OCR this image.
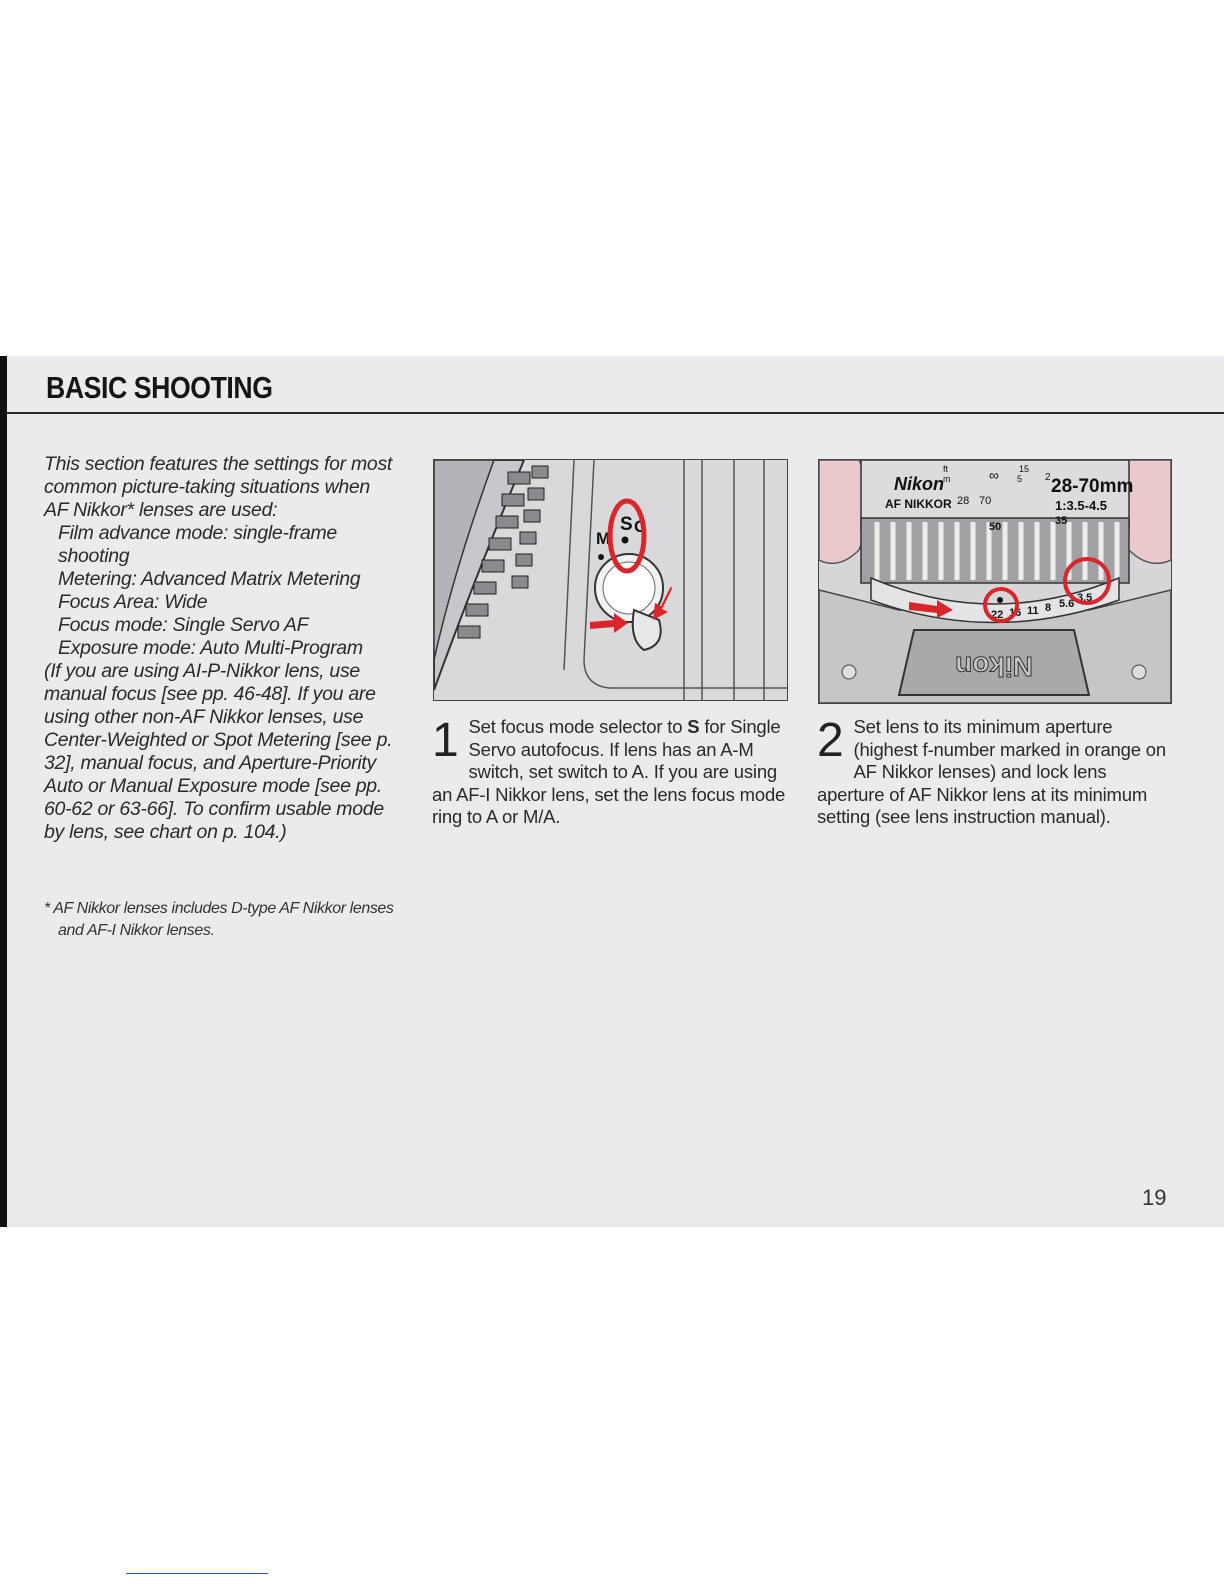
BASIC SHOOTING

This section features the settings for most common picture-taking situations when AF Nikkor* lenses are used:

Film advance mode: single-frame shooting

Metering: Advanced Matrix Metering

Focus Area: Wide

Focus mode: Single Servo AF

Exposure mode: Auto Multi-Program

(If you are using AI-P-Nikkor lens, use manual focus [see pp. 46-48]. If you are using other non-AF Nikkor lenses, use Center-Weighted or Spot Metering [see p. 32], manual focus, and Aperture-Priority Auto or Manual Exposure mode [see pp. 60-62 or 63-66]. To confirm usable mode by lens, see chart on p. 104.)

* AF Nikkor lenses includes D-type AF Nikkor lenses

and AF-I Nikkor lenses.

M
S C
Nikon
Nikon
AF NIKKOR
28-70mm
1:3.5-4.5
28 70
50	35
ft
m	∞ 15
5 2
22 16 11 8 5.6 3.5
1 Set focus mode selector to S for Single Servo autofocus. If lens has an A-M switch, set switch to A. If you are using an AF-I Nikkor lens, set the lens focus mode ring to A or M/A.
2 Set lens to its minimum aperture (highest f-number marked in orange on AF Nikkor lenses) and lock lens aperture of AF Nikkor lens at its minimum setting (see lens instruction manual).
19
